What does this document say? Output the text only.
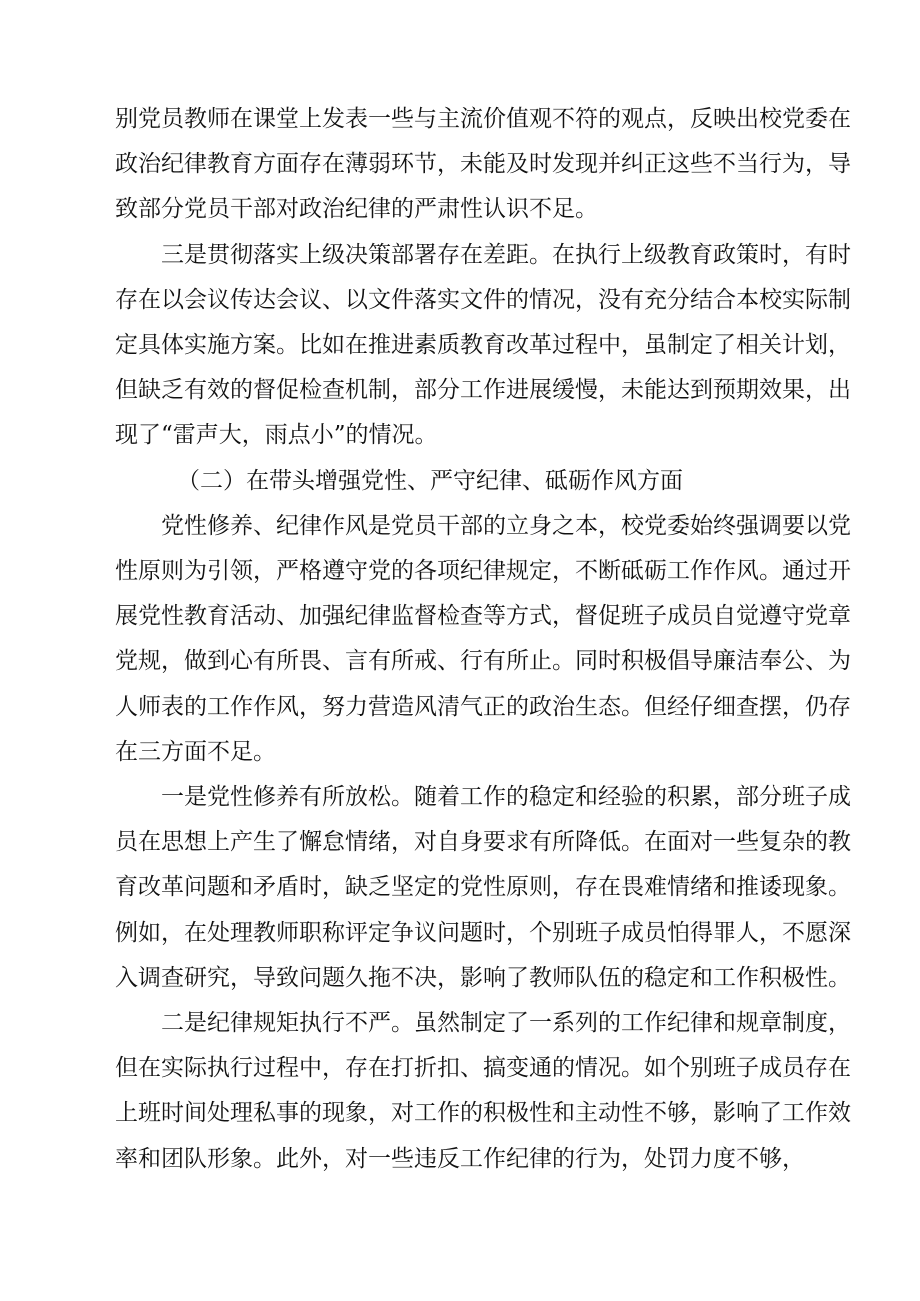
别党员教师在课堂上发表一些与主流价值观不符的观点，反映出校党委在政治纪律教育方面存在薄弱环节，未能及时发现并纠正这些不当行为，导致部分党员干部对政治纪律的严肃性认识不足。

三是贯彻落实上级决策部署存在差距。在执行上级教育政策时，有时存在以会议传达会议、以文件落实文件的情况，没有充分结合本校实际制定具体实施方案。比如在推进素质教育改革过程中，虽制定了相关计划，但缺乏有效的督促检查机制，部分工作进展缓慢，未能达到预期效果，出现了“雷声大，雨点小”的情况。

（二）在带头增强党性、严守纪律、砥砺作风方面

党性修养、纪律作风是党员干部的立身之本，校党委始终强调要以党性原则为引领，严格遵守党的各项纪律规定，不断砥砺工作作风。通过开展党性教育活动、加强纪律监督检查等方式，督促班子成员自觉遵守党章党规，做到心有所畏、言有所戒、行有所止。同时积极倡导廉洁奉公、为人师表的工作作风，努力营造风清气正的政治生态。但经仔细查摆，仍存在三方面不足。

一是党性修养有所放松。随着工作的稳定和经验的积累，部分班子成员在思想上产生了懈怠情绪，对自身要求有所降低。在面对一些复杂的教育改革问题和矛盾时，缺乏坚定的党性原则，存在畏难情绪和推诿现象。例如，在处理教师职称评定争议问题时，个别班子成员怕得罪人，不愿深入调查研究，导致问题久拖不决，影响了教师队伍的稳定和工作积极性。

二是纪律规矩执行不严。虽然制定了一系列的工作纪律和规章制度，但在实际执行过程中，存在打折扣、搞变通的情况。如个别班子成员存在上班时间处理私事的现象，对工作的积极性和主动性不够，影响了工作效率和团队形象。此外，对一些违反工作纪律的行为，处罚力度不够，
